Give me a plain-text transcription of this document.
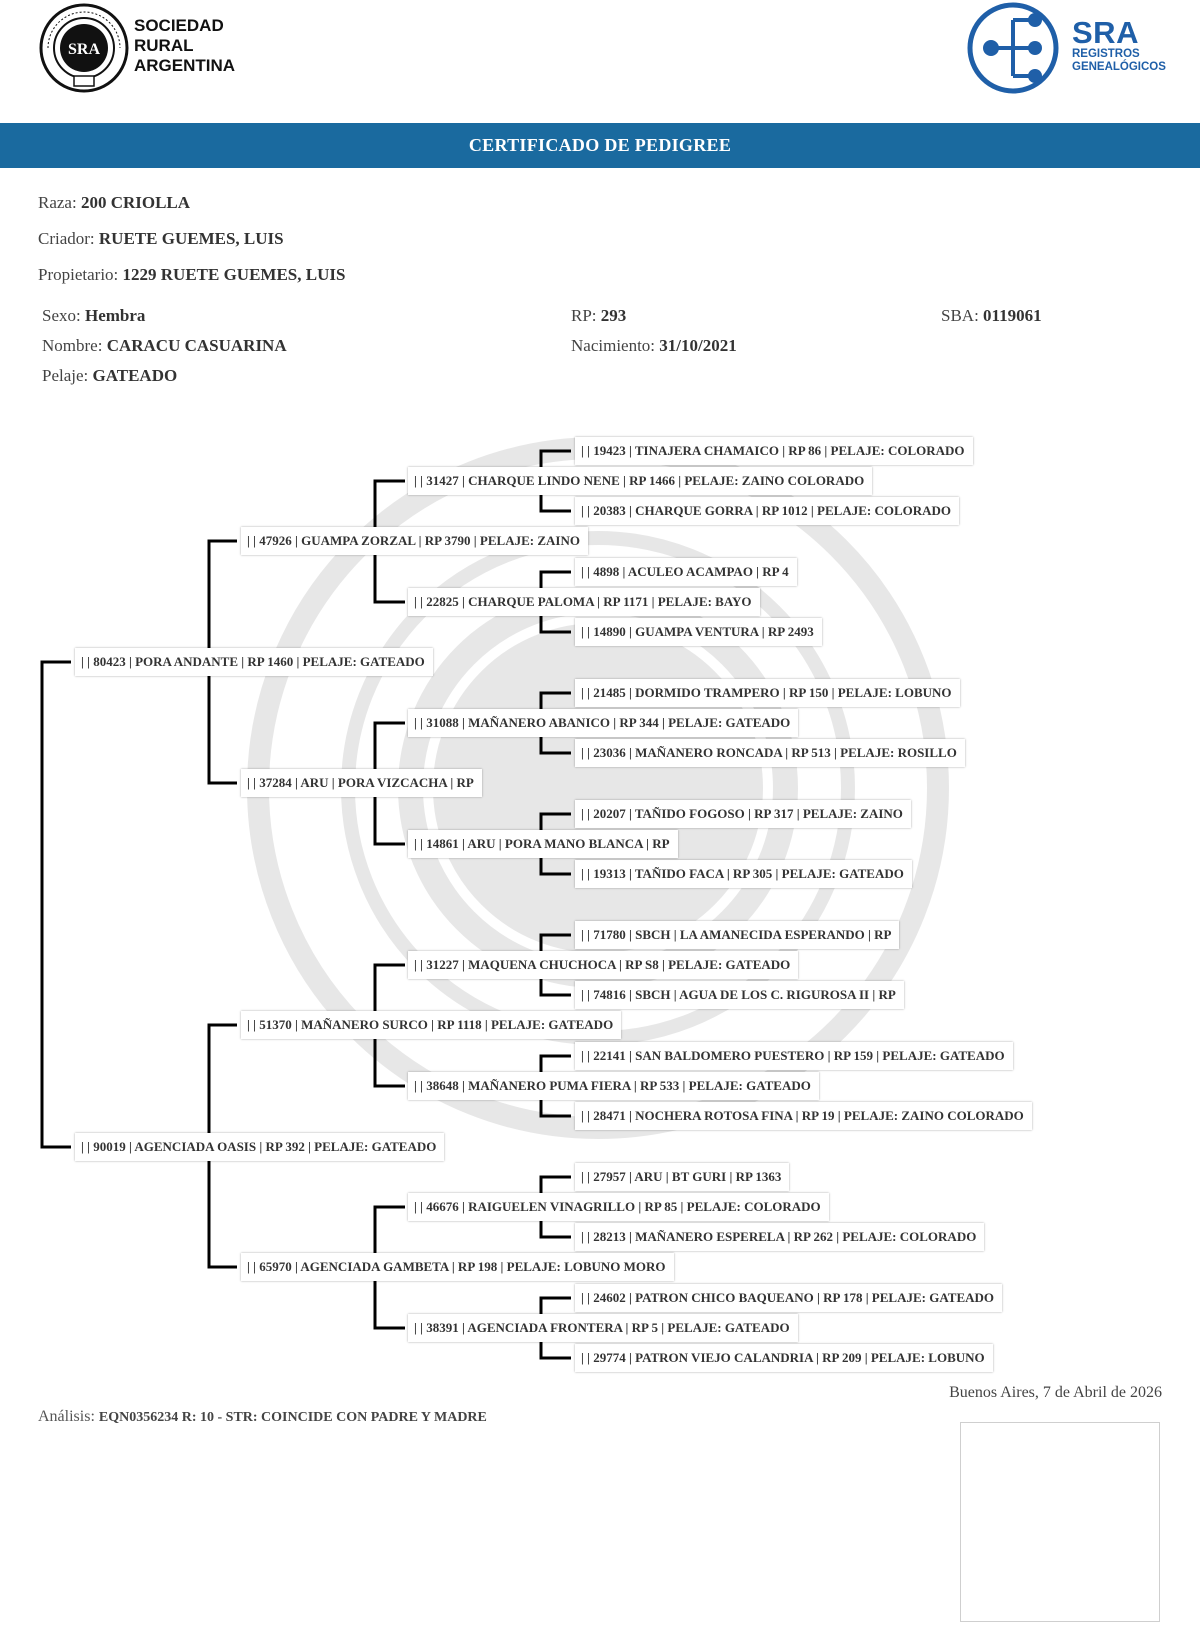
SRA
SOCIEDAD
RURAL
ARGENTINA
SRA
REGISTROS
GENEALÓGICOS
CERTIFICADO DE PEDIGREE
Raza: 200 CRIOLLA
Criador: RUETE GUEMES, LUIS
Propietario: 1229 RUETE GUEMES, LUIS
Sexo: Hembra	RP: 293	SBA: 0119061
Nombre: CARACU CASUARINA	Nacimiento: 31/10/2021
Pelaje: GATEADO
| | 19423 | TINAJERA CHAMAICO | RP 86 | PELAJE: COLORADO
| | 20383 | CHARQUE GORRA | RP 1012 | PELAJE: COLORADO
| | 4898 | ACULEO ACAMPAO | RP 4
| | 14890 | GUAMPA VENTURA | RP 2493
| | 21485 | DORMIDO TRAMPERO | RP 150 | PELAJE: LOBUNO
| | 23036 | MAÑANERO RONCADA | RP 513 | PELAJE: ROSILLO
| | 20207 | TAÑIDO FOGOSO | RP 317 | PELAJE: ZAINO
| | 19313 | TAÑIDO FACA | RP 305 | PELAJE: GATEADO
| | 71780 | SBCH | LA AMANECIDA ESPERANDO | RP
| | 74816 | SBCH | AGUA DE LOS C. RIGUROSA II | RP
| | 22141 | SAN BALDOMERO PUESTERO | RP 159 | PELAJE: GATEADO
| | 28471 | NOCHERA ROTOSA FINA | RP 19 | PELAJE: ZAINO COLORADO
| | 27957 | ARU | BT GURI | RP 1363
| | 28213 | MAÑANERO ESPERELA | RP 262 | PELAJE: COLORADO
| | 24602 | PATRON CHICO BAQUEANO | RP 178 | PELAJE: GATEADO
| | 29774 | PATRON VIEJO CALANDRIA | RP 209 | PELAJE: LOBUNO
| | 31427 | CHARQUE LINDO NENE | RP 1466 | PELAJE: ZAINO COLORADO
| | 22825 | CHARQUE PALOMA | RP 1171 | PELAJE: BAYO
| | 31088 | MAÑANERO ABANICO | RP 344 | PELAJE: GATEADO
| | 14861 | ARU | PORA MANO BLANCA | RP
| | 31227 | MAQUENA CHUCHOCA | RP S8 | PELAJE: GATEADO
| | 38648 | MAÑANERO PUMA FIERA | RP 533 | PELAJE: GATEADO
| | 46676 | RAIGUELEN VINAGRILLO | RP 85 | PELAJE: COLORADO
| | 38391 | AGENCIADA FRONTERA | RP 5 | PELAJE: GATEADO
| | 47926 | GUAMPA ZORZAL | RP 3790 | PELAJE: ZAINO
| | 37284 | ARU | PORA VIZCACHA | RP
| | 51370 | MAÑANERO SURCO | RP 1118 | PELAJE: GATEADO
| | 65970 | AGENCIADA GAMBETA | RP 198 | PELAJE: LOBUNO MORO
| | 80423 | PORA ANDANTE | RP 1460 | PELAJE: GATEADO
| | 90019 | AGENCIADA OASIS | RP 392 | PELAJE: GATEADO
Buenos Aires, 7 de Abril de 2026
Análisis: EQN0356234 R: 10 - STR: COINCIDE CON PADRE Y MADRE
